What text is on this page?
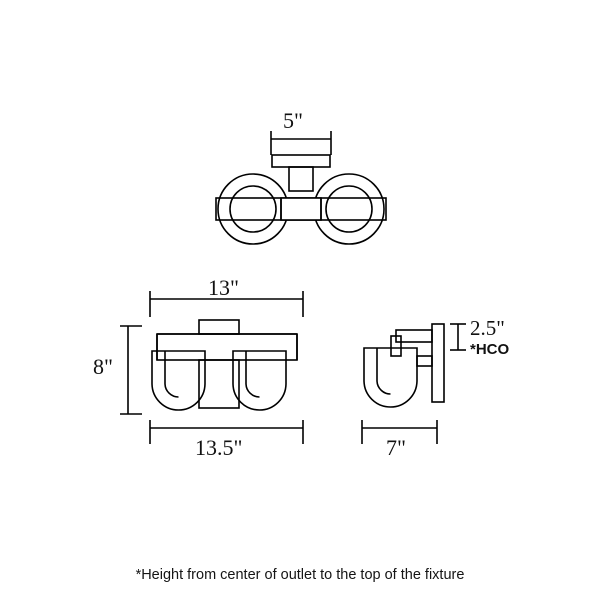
5"
13"
8"
13.5"	7"
2.5"
*HCO
*Height from center of outlet to the top of the fixture
